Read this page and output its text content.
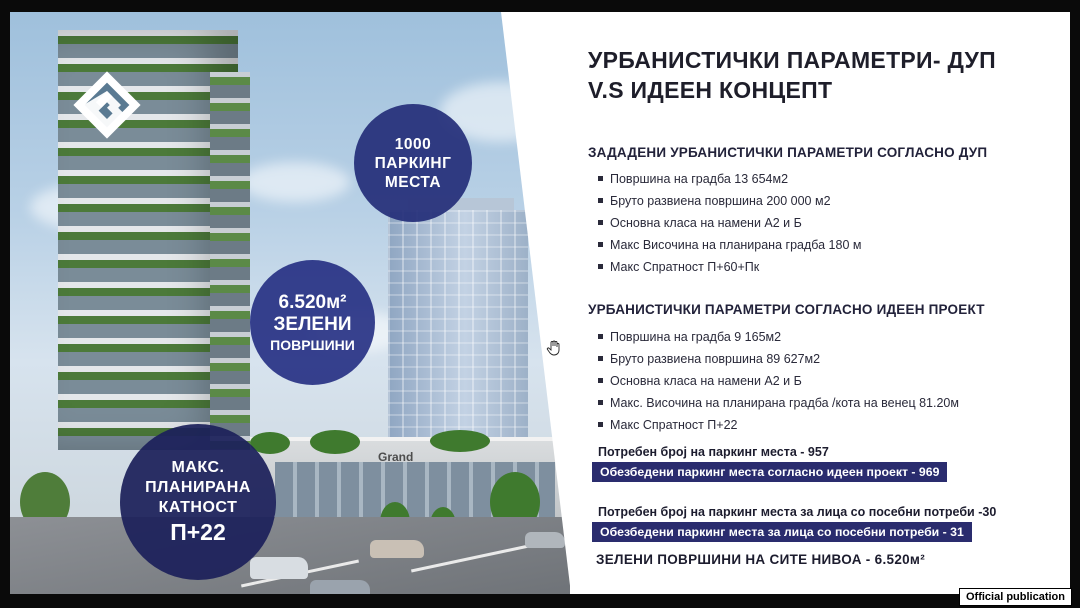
Grand
1000
ПАРКИНГ
МЕСТА
6.520м²
ЗЕЛЕНИ
ПОВРШИНИ
МАКС.
ПЛАНИРАНА
КАТНОСТ
П+22
УРБАНИСТИЧКИ ПАРАМЕТРИ- ДУП
V.S ИДЕЕН КОНЦЕПТ
ЗАДАДЕНИ УРБАНИСТИЧКИ ПАРАМЕТРИ СОГЛАСНО ДУП
Површина на градба 13 654м2
Бруто развиена површина 200 000 м2
Основна класа на намени А2 и Б
Макс Височина на планирана градба 180 м
Макс Спратност П+60+Пк
УРБАНИСТИЧКИ ПАРАМЕТРИ СОГЛАСНО ИДЕЕН ПРОЕКТ
Површина на градба 9 165м2
Бруто развиена површина 89 627м2
Основна класа на намени А2 и Б
Макс. Височина на планирана градба /кота на венец 81.20м
Макс Спратност П+22
Потребен број на паркинг места - 957
Обезбедени паркинг места согласно идеен проект - 969
Потребен број на паркинг места за лица со посебни потреби -30
Обезбедени паркинг места за лица со посебни потреби - 31
ЗЕЛЕНИ ПОВРШИНИ НА СИТЕ НИВОА - 6.520м²
Official publication
